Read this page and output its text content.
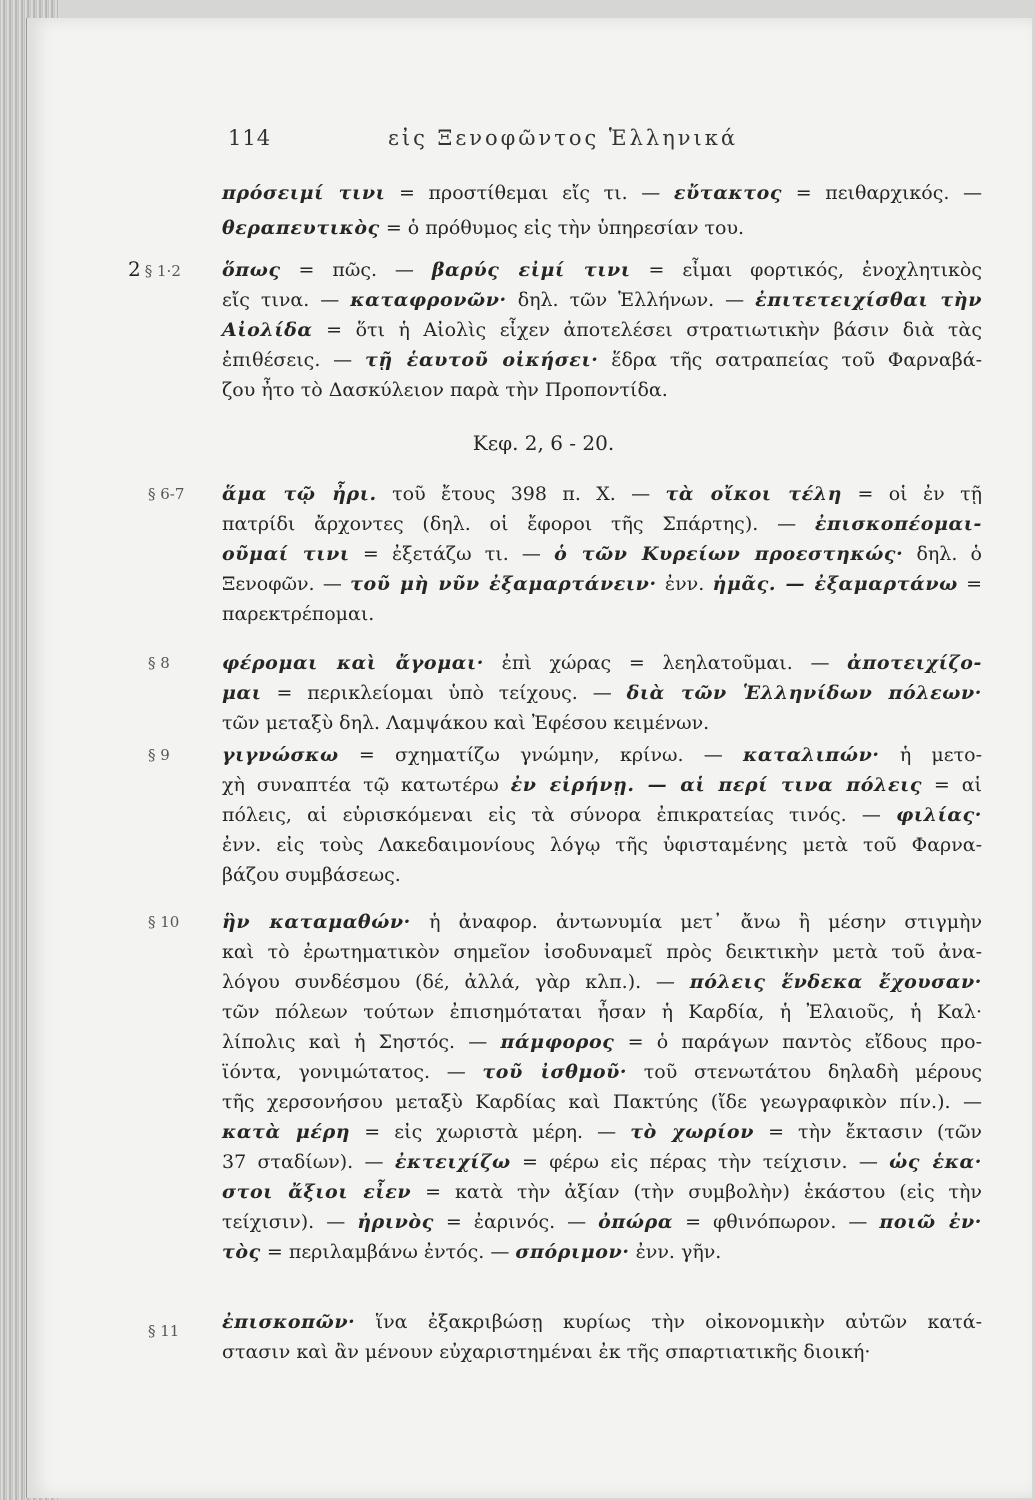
114	εἰς Ξενοφῶντος Ἑλληνικά
2 § 1·2
§ 6-7
§ 8
§ 9
§ 10
§ 11
Κεφ. 2, 6 - 20.
πρόσειμί τινι = προστίθεμαι εἴς τι. — εὔτακτος = πειθαρχικός. —
θεραπευτικὸς = ὁ πρόθυμος εἰς τὴν ὑπηρεσίαν του.
ὅπως = πῶς. — βαρύς εἰμί τινι = εἶμαι φορτικός, ἐνοχλητικὸς
εἴς τινα. — καταφρονῶν· δηλ. τῶν Ἑλλήνων. — ἐπιτετειχίσθαι τὴν
Αἰολίδα = ὅτι ἡ Αἰολὶς εἶχεν ἀποτελέσει στρατιωτικὴν βάσιν διὰ τὰς
ἐπιθέσεις. — τῇ ἑαυτοῦ οἰκήσει· ἕδρα τῆς σατραπείας τοῦ Φαρναβά-
ζου ἦτο τὸ Δασκύλειον παρὰ τὴν Προποντίδα.
ἅμα τῷ ἦρι. τοῦ ἔτους 398 π. Χ. — τὰ οἴκοι τέλη = οἱ ἐν τῇ
πατρίδι ἄρχοντες (δηλ. οἱ ἔφοροι τῆς Σπάρτης). — ἐπισκοπέομαι-
οῦμαί τινι = ἐξετάζω τι. — ὁ τῶν Κυρείων προεστηκώς· δηλ. ὁ
Ξενοφῶν. — τοῦ μὴ νῦν ἐξαμαρτάνειν· ἐνν. ἡμᾶς. — ἐξαμαρτάνω =
παρεκτρέπομαι.
φέρομαι καὶ ἄγομαι· ἐπὶ χώρας = λεηλατοῦμαι. — ἀποτειχίζο-
μαι = περικλείομαι ὑπὸ τείχους. — διὰ τῶν Ἑλληνίδων πόλεων·
τῶν μεταξὺ δηλ. Λαμψάκου καὶ Ἐφέσου κειμένων.
γιγνώσκω = σχηματίζω γνώμην, κρίνω. — καταλιπών· ἡ μετο-
χὴ συναπτέα τῷ κατωτέρω ἐν εἰρήνῃ. — αἱ περί τινα πόλεις = αἱ
πόλεις, αἱ εὑρισκόμεναι εἰς τὰ σύνορα ἐπικρατείας τινός. — φιλίας·
ἐνν. εἰς τοὺς Λακεδαιμονίους λόγῳ τῆς ὑφισταμένης μετὰ τοῦ Φαρνα-
βάζου συμβάσεως.
ἣν καταμαθών· ἡ ἀναφορ. ἀντωνυμία μετ᾿ ἄνω ἢ μέσην στιγμὴν
καὶ τὸ ἐρωτηματικὸν σημεῖον ἰσοδυναμεῖ πρὸς δεικτικὴν μετὰ τοῦ ἀνα-
λόγου συνδέσμου (δέ, ἀλλά, γὰρ κλπ.). — πόλεις ἕνδεκα ἔχουσαν·
τῶν πόλεων τούτων ἐπισημόταται ἦσαν ἡ Καρδία, ἡ Ἐλαιοῦς, ἡ Καλ·
λίπολις καὶ ἡ Σηστός. — πάμφορος = ὁ παράγων παντὸς εἴδους προ-
ϊόντα, γονιμώτατος. — τοῦ ἰσθμοῦ· τοῦ στενωτάτου δηλαδὴ μέρους
τῆς χερσονήσου μεταξὺ Καρδίας καὶ Πακτύης (ἴδε γεωγραφικὸν πίν.). —
κατὰ μέρη = εἰς χωριστὰ μέρη. — τὸ χωρίον = τὴν ἔκτασιν (τῶν
37 σταδίων). — ἐκτειχίζω = φέρω εἰς πέρας τὴν τείχισιν. — ὡς ἑκα·
στοι ἄξιοι εἶεν = κατὰ τὴν ἀξίαν (τὴν συμβολὴν) ἑκάστου (εἰς τὴν
τείχισιν). — ἠρινὸς = ἐαρινός. — ὀπώρα = φθινόπωρον. — ποιῶ ἐν·
τὸς = περιλαμβάνω ἐντός. — σπόριμον· ἐνν. γῆν.
ἐπισκοπῶν· ἵνα ἐξακριβώσῃ κυρίως τὴν οἰκονομικὴν αὐτῶν κατά-
στασιν καὶ ἂν μένουν εὐχαριστημέναι ἐκ τῆς σπαρτιατικῆς διοική·
